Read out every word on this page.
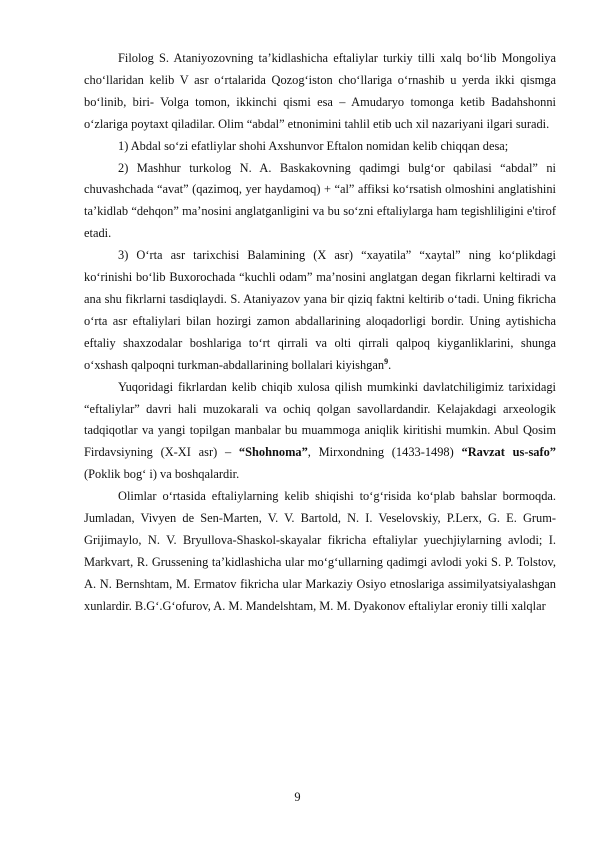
Filolog S. Ataniyozovning ta’kidlashicha eftaliylar turkiy tilli xalq bo‘lib Mongoliya cho‘llaridan kelib V asr o‘rtalarida Qozog‘iston cho‘llariga o‘rnashib u yerda ikki qismga bo‘linib, biri- Volga tomon, ikkinchi qismi esa – Amudaryo tomonga ketib Badahshonni o‘zlariga poytaxt qiladilar. Olim “abdal” etnonimini tahlil etib uch xil nazariyani ilgari suradi.

1) Abdal so‘zi efatliylar shohi Axshunvor Eftalon nomidan kelib chiqqan desa;

2) Mashhur turkolog N. A. Baskakovning qadimgi bulg‘or qabilasi “abdal” ni chuvashchada “avat” (qazimoq, yer haydamoq) + “al” affiksi ko‘rsatish olmoshini anglatishini ta’kidlab “dehqon” ma’nosini anglatganligini va bu so‘zni eftaliylarga ham tegishliligini e'tirof etadi.

3) O‘rta asr tarixchisi Balamining (X asr) “xayatila” “xaytal” ning ko‘plikdagi ko‘rinishi bo‘lib Buxorochada “kuchli odam” ma’nosini anglatgan degan fikrlarni keltiradi va ana shu fikrlarni tasdiqlaydi. S. Ataniyazov yana bir qiziq faktni keltirib o‘tadi. Uning fikricha o‘rta asr eftaliylari bilan hozirgi zamon abdallarining aloqadorligi bordir. Uning aytishicha eftaliy shaxzodalar boshlariga to‘rt qirrali va olti qirrali qalpoq kiyganliklarini, shunga o‘xshash qalpoqni turkman-abdallarining bollalari kiyishgan$^9$.

Yuqoridagi fikrlardan kelib chiqib xulosa qilish mumkinki davlatchiligimiz tarixidagi “eftaliylar” davri hali muzokarali va ochiq qolgan savollardandir. Kelajakdagi arxeologik tadqiqotlar va yangi topilgan manbalar bu muammoga aniqlik kiritishi mumkin. Abul Qosim Firdavsiyning (X-XI asr) – “Shohnoma”, Mirxondning (1433-1498) “Ravzat us-safo” (Poklik bog‘ i) va boshqalardir.

Olimlar o‘rtasida eftaliylarning kelib shiqishi to‘g‘risida ko‘plab bahslar bormoqda. Jumladan, Vivyen de Sen-Marten, V. V. Bartold, N. I. Veselovskiy, P.Lerx, G. E. Grum-Grijimaylo, N. V. Bryullova-Shaskol-skayalar fikricha eftaliylar yuechjiylarning avlodi; I. Markvart, R. Grussening ta’kidlashicha ular mo‘g‘ullarning qadimgi avlodi yoki S. P. Tolstov, A. N. Bernshtam, M. Ermatov fikricha ular Markaziy Osiyo etnoslariga assimilyatsiyalashgan xunlardir. B.G‘.G‘ofurov, A. M. Mandelshtam, M. M. Dyakonov eftaliylar eroniy tilli xalqlar

9
